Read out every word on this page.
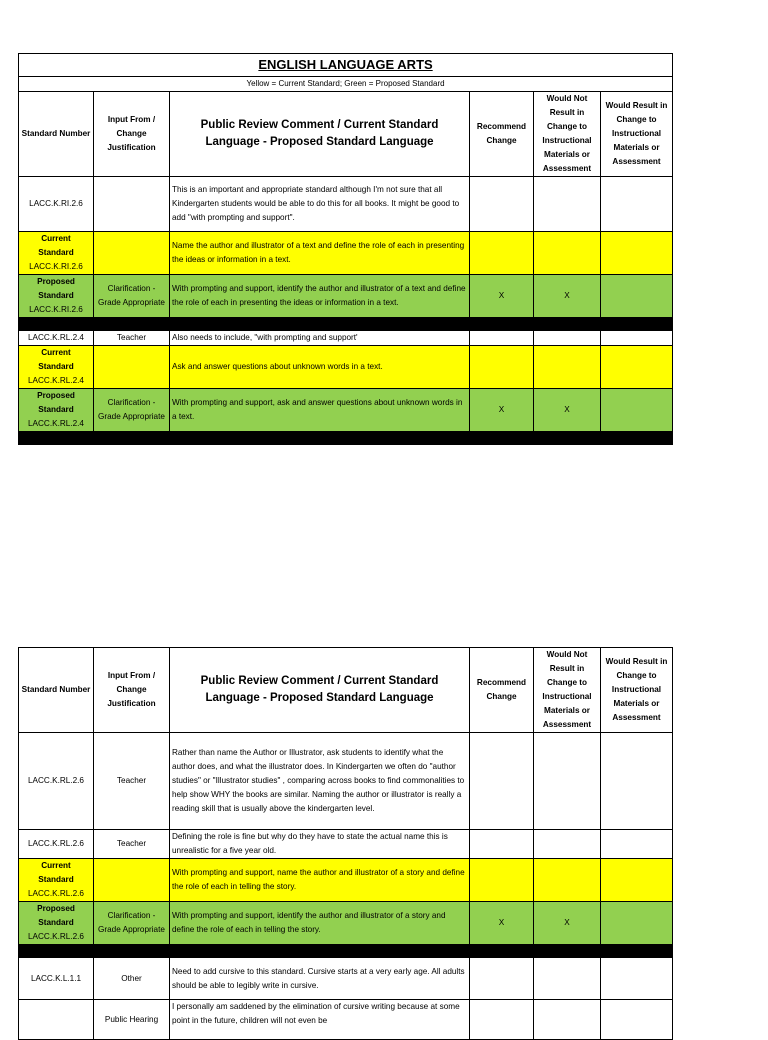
ENGLISH LANGUAGE ARTS					
Yellow = Current Standard; Green = Proposed Standard					
Standard Number	Input From / Change Justification	Public Review Comment / Current Standard Language - Proposed Standard Language	Recommend Change	Would Not Result in Change to Instructional Materials or Assessment	Would Result in Change to Instructional Materials or Assessment
LACC.K.RI.2.6		This is an important and appropriate standard although I'm not sure that all Kindergarten students would be able to do this for all books. It might be good to add "with prompting and support".			
Current
Standard
LACC.K.RI.2.6		Name the author and illustrator of a text and define the role of each in presenting the ideas or information in a text.			
Proposed
Standard
LACC.K.RI.2.6	Clarification - Grade Appropriate	With prompting and support, identify the author and illustrator of a text and define the role of each in presenting the ideas or information in a text.	X	X	

LACC.K.RL.2.4	Teacher	Also needs to include, "with prompting and support'			
Current
Standard
LACC.K.RL.2.4		Ask and answer questions about unknown words in a text.			
Proposed
Standard
LACC.K.RL.2.4	Clarification - Grade Appropriate	With prompting and support, ask and answer questions about unknown words in a text.	X	X	

Standard Number	Input From / Change Justification	Public Review Comment / Current Standard Language - Proposed Standard Language	Recommend Change	Would Not Result in Change to Instructional Materials or Assessment	Would Result in Change to Instructional Materials or Assessment
LACC.K.RL.2.6	Teacher	Rather than name the Author or Illustrator, ask students to identify what the author does, and what the illustrator does. In Kindergarten we often do "author studies" or "Illustrator studies" , comparing across books to find commonalities to help show WHY the books are similar. Naming the author or illustrator is really a reading skill that is usually above the kindergarten level.			
LACC.K.RL.2.6	Teacher	Defining the role is fine but why do they have to state the actual name this is unrealistic for a five year old.			
Current
Standard
LACC.K.RL.2.6		With prompting and support, name the author and illustrator of a story and define the role of each in telling the story.			
Proposed
Standard
LACC.K.RL.2.6	Clarification - Grade Appropriate	With prompting and support, identify the author and illustrator of a story and define the role of each in telling the story.	X	X	

LACC.K.L.1.1	Other	Need to add cursive to this standard. Cursive starts at a very early age. All adults should be able to legibly write in cursive.			
	Public Hearing	I personally am saddened by the elimination of cursive writing because at some point in the future, children will not even be			
